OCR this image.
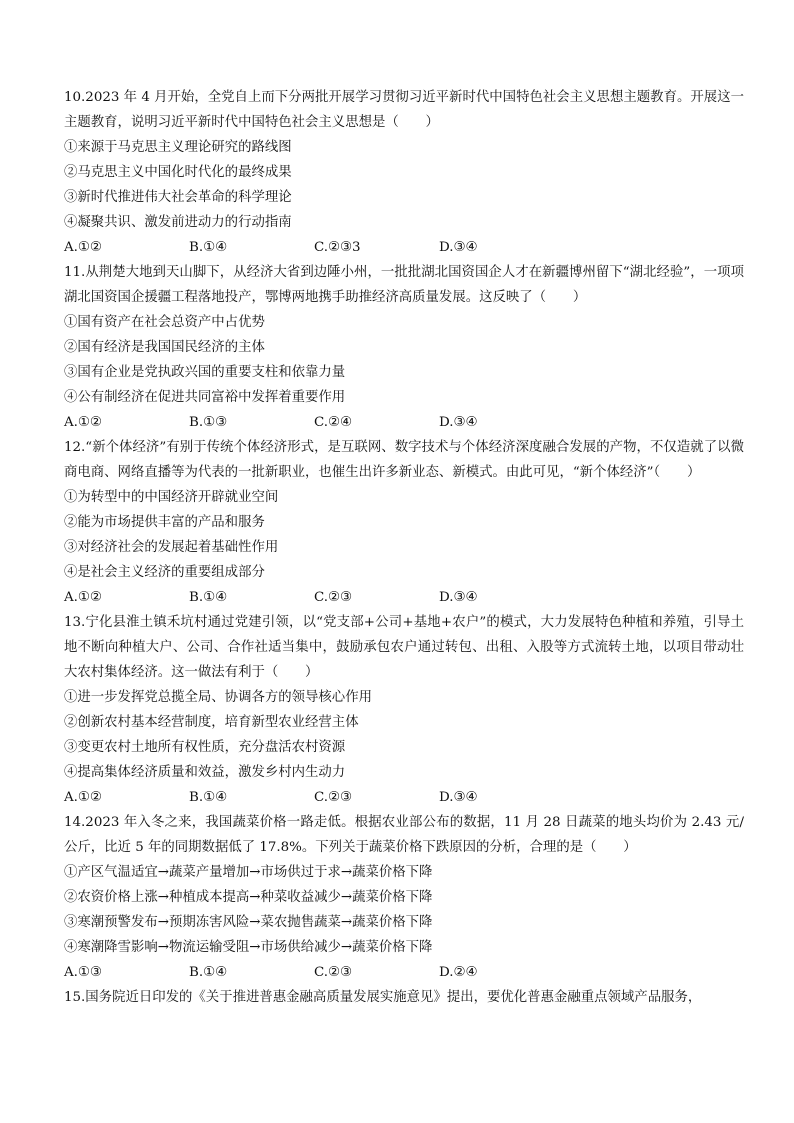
10.2023 年 4 月开始，全党自上而下分两批开展学习贯彻习近平新时代中国特色社会主义思想主题教育。开展这一主题教育，说明习近平新时代中国特色社会主义思想是（　　）
①来源于马克思主义理论研究的路线图
②马克思主义中国化时代化的最终成果
③新时代推进伟大社会革命的科学理论
④凝聚共识、激发前进动力的行动指南
A.①②	B.①④	C.②③3	D.③④
11.从荆楚大地到天山脚下，从经济大省到边陲小州，一批批湖北国资国企人才在新疆博州留下“湖北经验”，一项项湖北国资国企援疆工程落地投产，鄂博两地携手助推经济高质量发展。这反映了（　　）
①国有资产在社会总资产中占优势
②国有经济是我国国民经济的主体
③国有企业是党执政兴国的重要支柱和依靠力量
④公有制经济在促进共同富裕中发挥着重要作用
A.①②	B.①③	C.②④	D.③④
12.“新个体经济”有别于传统个体经济形式，是互联网、数字技术与个体经济深度融合发展的产物，不仅造就了以微商电商、网络直播等为代表的一批新职业，也催生出许多新业态、新模式。由此可见，“新个体经济”（　　）
①为转型中的中国经济开辟就业空间
②能为市场提供丰富的产品和服务
③对经济社会的发展起着基础性作用
④是社会主义经济的重要组成部分
A.①②	B.①④	C.②③	D.③④
13.宁化县淮土镇禾坑村通过党建引领，以“党支部+公司+基地+农户”的模式，大力发展特色种植和养殖，引导土地不断向种植大户、公司、合作社适当集中，鼓励承包农户通过转包、出租、入股等方式流转土地，以项目带动壮大农村集体经济。这一做法有利于（　　）
①进一步发挥党总揽全局、协调各方的领导核心作用
②创新农村基本经营制度，培育新型农业经营主体
③变更农村土地所有权性质，充分盘活农村资源
④提高集体经济质量和效益，激发乡村内生动力
A.①②	B.①④	C.②③	D.③④
14.2023 年入冬之来，我国蔬菜价格一路走低。根据农业部公布的数据，11 月 28 日蔬菜的地头均价为 2.43 元/公斤，比近 5 年的同期数据低了 17.8%。下列关于蔬菜价格下跌原因的分析，合理的是（　　）
①产区气温适宜→蔬菜产量增加→市场供过于求→蔬菜价格下降
②农资价格上涨→种植成本提高→种菜收益减少→蔬菜价格下降
③寒潮预警发布→预期冻害风险→菜农抛售蔬菜→蔬菜价格下降
④寒潮降雪影响→物流运输受阻→市场供给减少→蔬菜价格下降
A.①③	B.①④	C.②③	D.②④
15.国务院近日印发的《关于推进普惠金融高质量发展实施意见》提出，要优化普惠金融重点领域产品服务，
